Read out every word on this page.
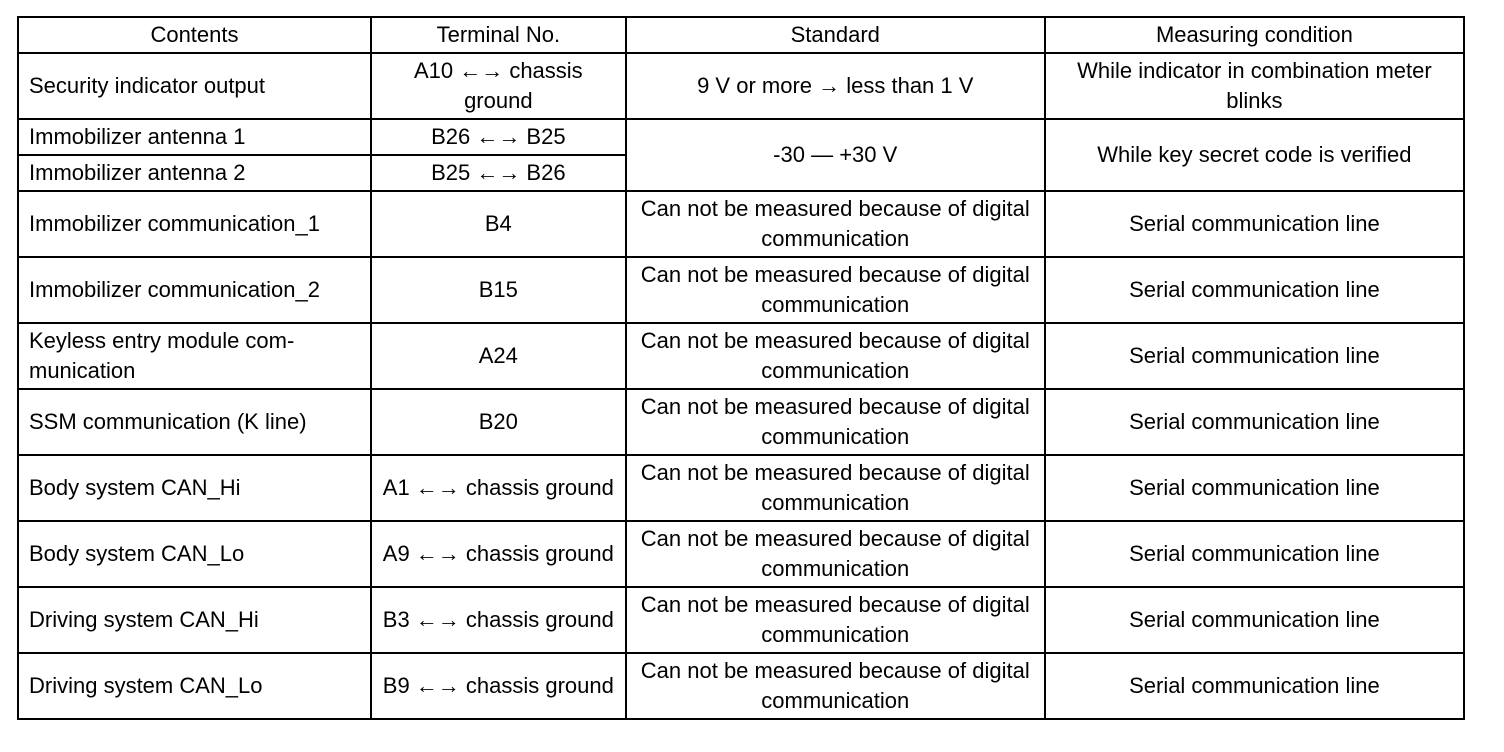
Contents	Terminal No.	Standard	Measuring condition
Security indicator output	A10 ←→ chassis ground	9 V or more → less than 1 V	While indicator in combination meter blinks
Immobilizer antenna 1	B26 ←→ B25	-30 — +30 V	While key secret code is verified
Immobilizer antenna 2	B25 ←→ B26		
Immobilizer communication_1	B4	Can not be measured because of digital communication	Serial communication line
Immobilizer communication_2	B15	Can not be measured because of digital communication	Serial communication line
Keyless entry module com-munication	A24	Can not be measured because of digital communication	Serial communication line
SSM communication (K line)	B20	Can not be measured because of digital communication	Serial communication line
Body system CAN_Hi	A1 ←→ chassis ground	Can not be measured because of digital communication	Serial communication line
Body system CAN_Lo	A9 ←→ chassis ground	Can not be measured because of digital communication	Serial communication line
Driving system CAN_Hi	B3 ←→ chassis ground	Can not be measured because of digital communication	Serial communication line
Driving system CAN_Lo	B9 ←→ chassis ground	Can not be measured because of digital communication	Serial communication line
